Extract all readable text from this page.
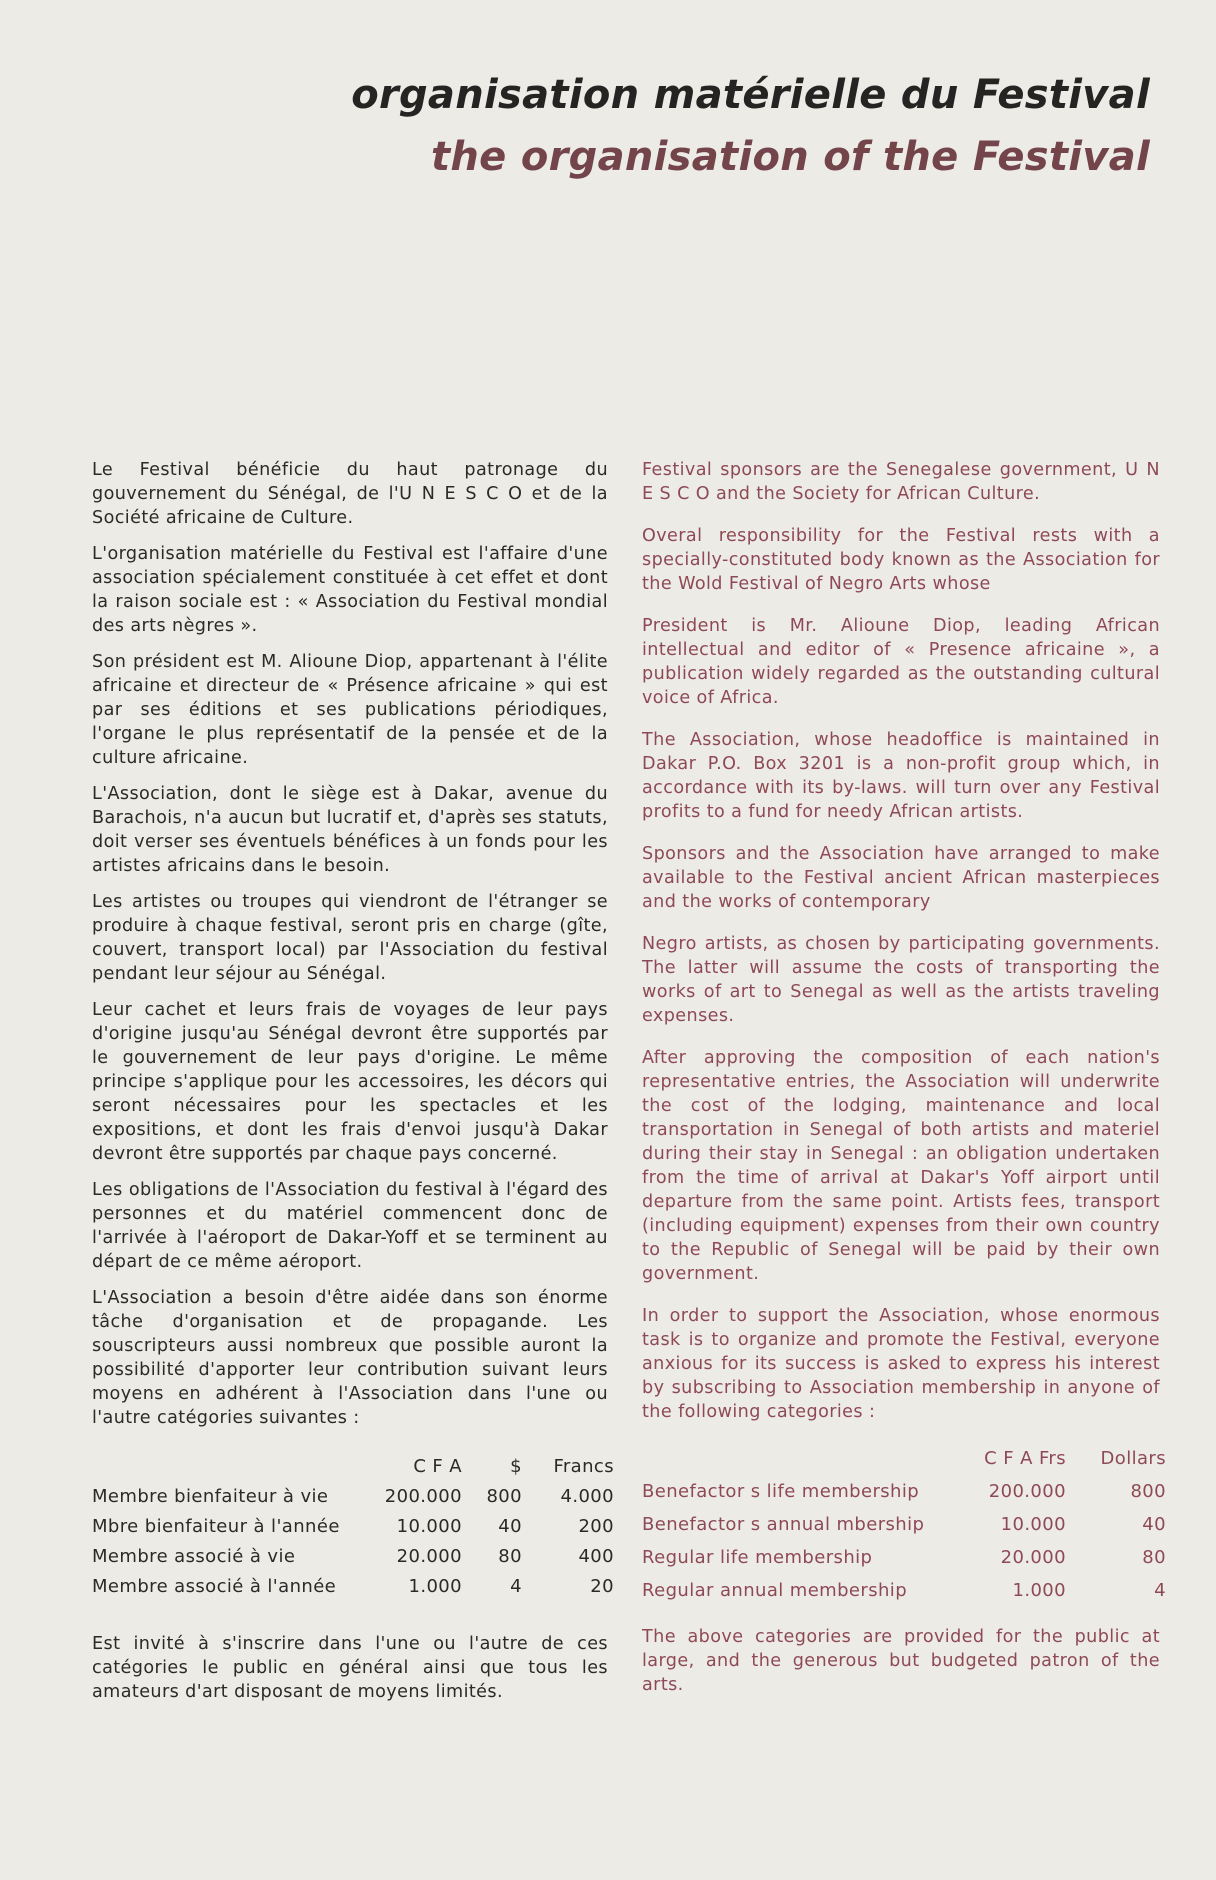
organisation matérielle du Festival
the organisation of the Festival

Le Festival bénéficie du haut patronage du gouvernement du Sénégal, de l'U N E S C O et de la Société africaine de Culture.

L'organisation matérielle du Festival est l'affaire d'une association spécialement constituée à cet effet et dont la raison sociale est : « Association du Festival mondial des arts nègres ».

Son président est M. Alioune Diop, appartenant à l'élite africaine et directeur de « Présence africaine » qui est par ses éditions et ses publications périodiques, l'organe le plus représentatif de la pensée et de la culture africaine.

L'Association, dont le siège est à Dakar, avenue du Barachois, n'a aucun but lucratif et, d'après ses statuts, doit verser ses éventuels bénéfices à un fonds pour les artistes africains dans le besoin.

Les artistes ou troupes qui viendront de l'étranger se produire à chaque festival, seront pris en charge (gîte, couvert, transport local) par l'Association du festival pendant leur séjour au Sénégal.

Leur cachet et leurs frais de voyages de leur pays d'origine jusqu'au Sénégal devront être supportés par le gouvernement de leur pays d'origine. Le même principe s'applique pour les accessoires, les décors qui seront nécessaires pour les spectacles et les expositions, et dont les frais d'envoi jusqu'à Dakar devront être supportés par chaque pays concerné.

Les obligations de l'Association du festival à l'égard des personnes et du matériel commencent donc de l'arrivée à l'aéroport de Dakar-Yoff et se terminent au départ de ce même aéroport.

L'Association a besoin d'être aidée dans son énorme tâche d'organisation et de propagande. Les souscripteurs aussi nombreux que possible auront la possibilité d'apporter leur contribution suivant leurs moyens en adhérent à l'Association dans l'une ou l'autre catégories suivantes :

	C F A	$	Francs
Membre bienfaiteur à vie	200.000	800	4.000
Mbre bienfaiteur à l'année	10.000	40	200
Membre associé à vie	20.000	80	400
Membre associé à l'année	1.000	4	20

Est invité à s'inscrire dans l'une ou l'autre de ces catégories le public en général ainsi que tous les amateurs d'art disposant de moyens limités.

Festival sponsors are the Senegalese government, U N E S C O and the Society for African Culture.

Overal responsibility for the Festival rests with a specially-constituted body known as the Association for the Wold Festival of Negro Arts whose

President is Mr. Alioune Diop, leading African intellectual and editor of « Presence africaine », a publication widely regarded as the outstanding cultural voice of Africa.

The Association, whose headoffice is maintained in Dakar P.O. Box 3201 is a non-profit group which, in accordance with its by-laws. will turn over any Festival profits to a fund for needy African artists.

Sponsors and the Association have arranged to make available to the Festival ancient African masterpieces and the works of contemporary

Negro artists, as chosen by participating governments. The latter will assume the costs of transporting the works of art to Senegal as well as the artists traveling expenses.

After approving the composition of each nation's representative entries, the Association will underwrite the cost of the lodging, maintenance and local transportation in Senegal of both artists and materiel during their stay in Senegal : an obligation undertaken from the time of arrival at Dakar's Yoff airport until departure from the same point. Artists fees, transport (including equipment) expenses from their own country to the Republic of Senegal will be paid by their own government.

In order to support the Association, whose enormous task is to organize and promote the Festival, everyone anxious for its success is asked to express his interest by subscribing to Association membership in anyone of the following categories :

	C F A Frs	Dollars
Benefactor s life membership	200.000	800
Benefactor s annual mbership	10.000	40
Regular life membership	20.000	80
Regular annual membership	1.000	4

The above categories are provided for the public at large, and the generous but budgeted patron of the arts.
